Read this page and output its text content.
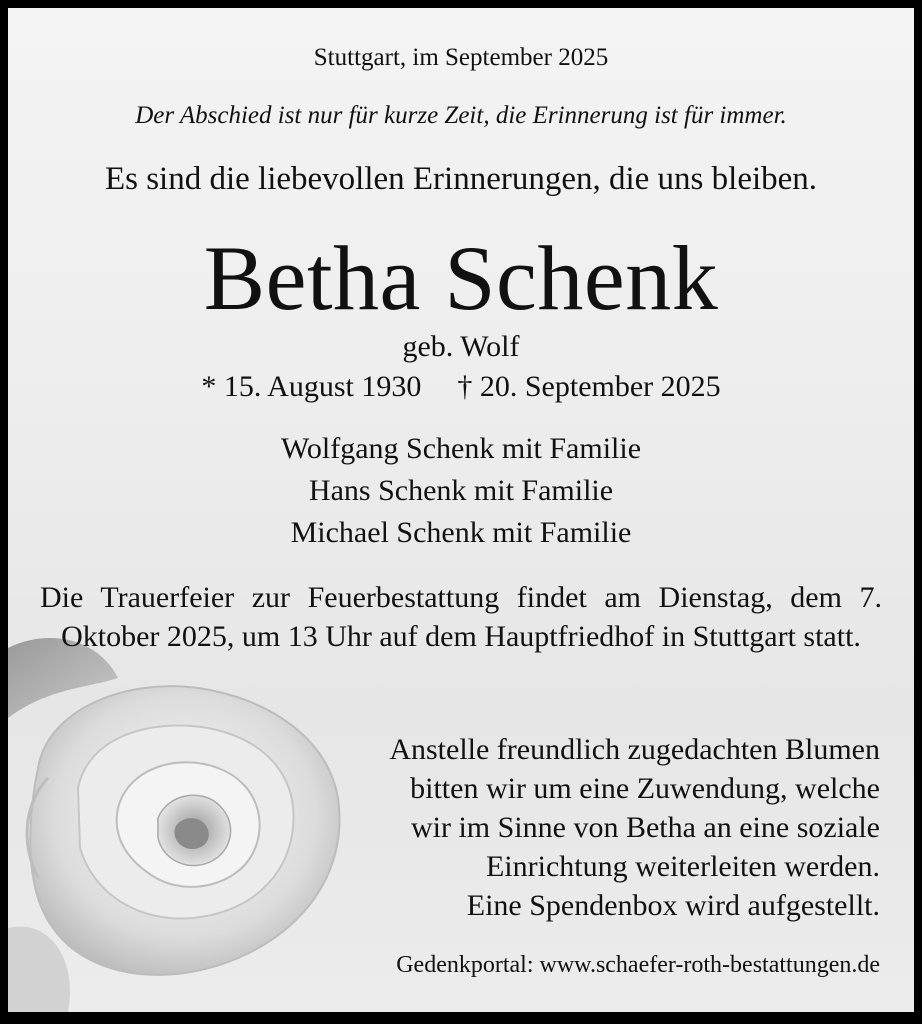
Stuttgart, im September 2025
Der Abschied ist nur für kurze Zeit, die Erinnerung ist für immer.
Es sind die liebevollen Erinnerungen, die uns bleiben.
Betha Schenk
geb. Wolf
* 15. August 1930 † 20. September 2025
Wolfgang Schenk mit Familie
Hans Schenk mit Familie
Michael Schenk mit Familie
Die Trauerfeier zur Feuerbestattung findet am Dienstag, dem 7. Oktober 2025, um 13 Uhr auf dem Hauptfriedhof in Stuttgart statt.
Anstelle freundlich zugedachten Blumen
bitten wir um eine Zuwendung, welche
wir im Sinne von Betha an eine soziale
Einrichtung weiterleiten werden.
Eine Spendenbox wird aufgestellt.
Gedenkportal: www.schaefer-roth-bestattungen.de
